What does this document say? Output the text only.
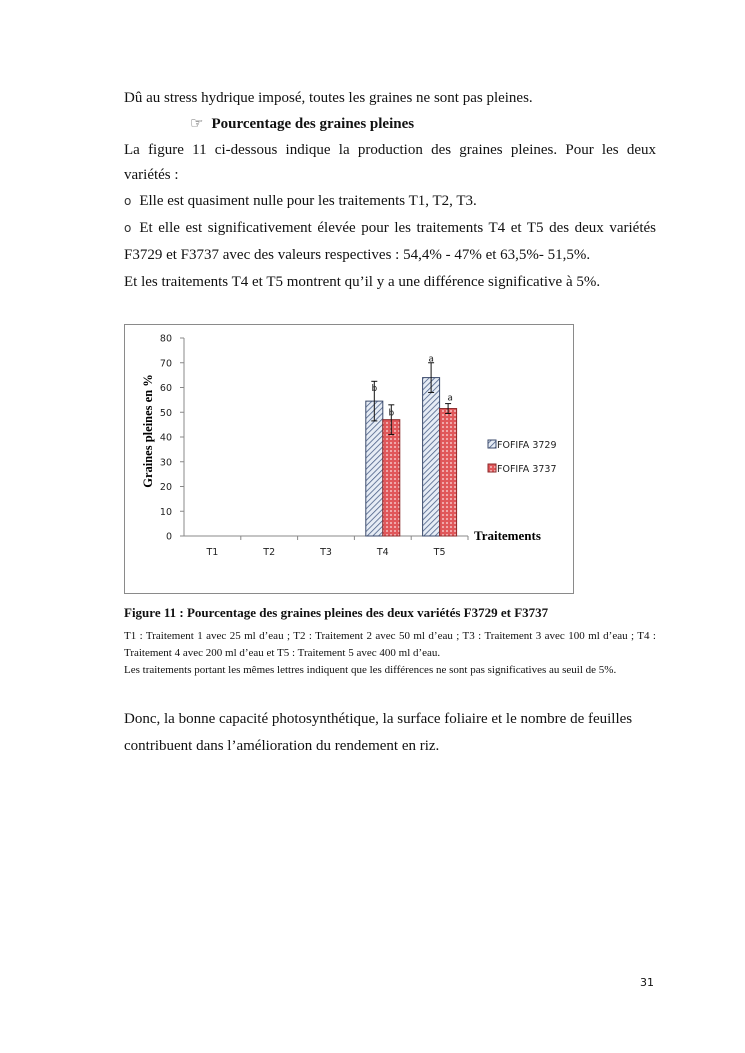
Dû au stress hydrique imposé, toutes les graines ne sont pas pleines.
☞ Pourcentage des graines pleines
La figure 11 ci-dessous indique la production des graines pleines. Pour les deux
variétés :
o Elle est quasiment nulle pour les traitements T1, T2, T3.
o Et elle est significativement élevée pour les traitements T4 et T5 des deux variétés
F3729 et F3737 avec des valeurs respectives : 54,4% - 47% et 63,5%- 51,5%.
Et les traitements T4 et T5 montrent qu’il y a une différence significative à 5%.
0
10
20
30
40
50
60
70
80
T1	T2	T3	T4	T5
b
a
b
a
Traitements
Graines pleines en %	FOFIFA 3729
FOFIFA 3737
Figure 11 : Pourcentage des graines pleines des deux variétés F3729 et F3737
T1 : Traitement 1 avec 25 ml d’eau ; T2 : Traitement 2 avec 50 ml d’eau ; T3 : Traitement 3 avec 100 ml d’eau ; T4 : Traitement 4 avec 200 ml d’eau et T5 : Traitement 5 avec 400 ml d’eau.
Les traitements portant les mêmes lettres indiquent que les différences ne sont pas significatives au seuil de 5%.
Donc, la bonne capacité photosynthétique, la surface foliaire et le nombre de feuilles
contribuent dans l’amélioration du rendement en riz.
31
